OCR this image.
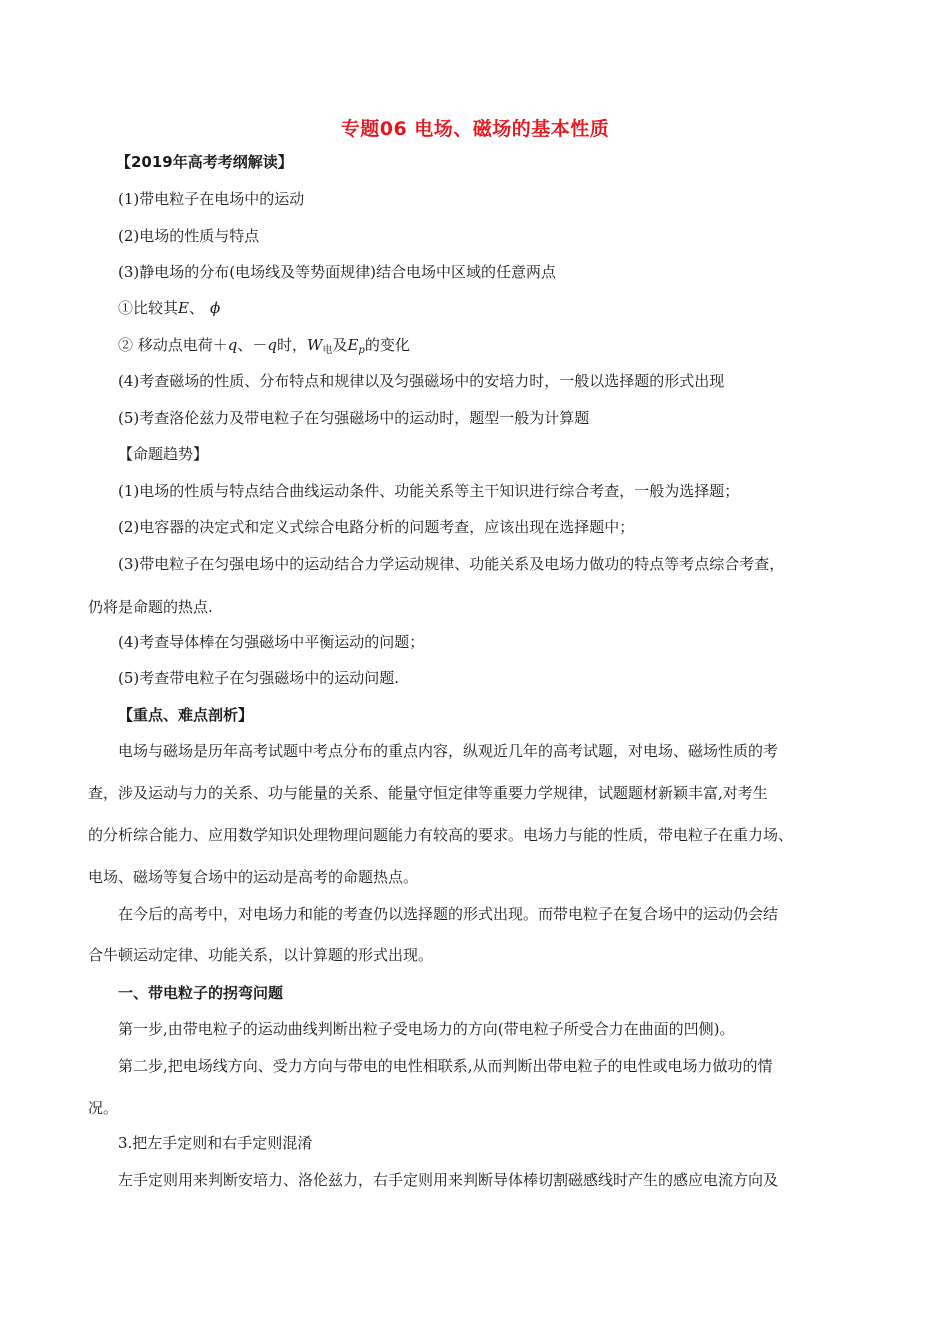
专题06 电场、磁场的基本性质
【2019年高考考纲解读】
(1)带电粒子在电场中的运动
(2)电场的性质与特点
(3)静电场的分布(电场线及等势面规律)结合电场中区域的任意两点
①比较其E、 ϕ
② 移动点电荷＋q、－q时，$W_电$及$E_p$的变化
(4)考查磁场的性质、分布特点和规律以及匀强磁场中的安培力时，一般以选择题的形式出现
(5)考查洛伦兹力及带电粒子在匀强磁场中的运动时，题型一般为计算题
【命题趋势】
(1)电场的性质与特点结合曲线运动条件、功能关系等主干知识进行综合考查，一般为选择题；
(2)电容器的决定式和定义式综合电路分析的问题考查，应该出现在选择题中；
(3)带电粒子在匀强电场中的运动结合力学运动规律、功能关系及电场力做功的特点等考点综合考查，
仍将是命题的热点.
(4)考查导体棒在匀强磁场中平衡运动的问题；
(5)考查带电粒子在匀强磁场中的运动问题.
【重点、难点剖析】
电场与磁场是历年高考试题中考点分布的重点内容，纵观近几年的高考试题，对电场、磁场性质的考
查，涉及运动与力的关系、功与能量的关系、能量守恒定律等重要力学规律，试题题材新颖丰富,对考生
的分析综合能力、应用数学知识处理物理问题能力有较高的要求。电场力与能的性质，带电粒子在重力场、
电场、磁场等复合场中的运动是高考的命题热点。
在今后的高考中，对电场力和能的考查仍以选择题的形式出现。而带电粒子在复合场中的运动仍会结
合牛顿运动定律、功能关系，以计算题的形式出现。
一、带电粒子的拐弯问题
第一步,由带电粒子的运动曲线判断出粒子受电场力的方向(带电粒子所受合力在曲面的凹侧)。
第二步,把电场线方向、受力方向与带电的电性相联系,从而判断出带电粒子的电性或电场力做功的情
况。
3.把左手定则和右手定则混淆
左手定则用来判断安培力、洛伦兹力，右手定则用来判断导体棒切割磁感线时产生的感应电流方向及
